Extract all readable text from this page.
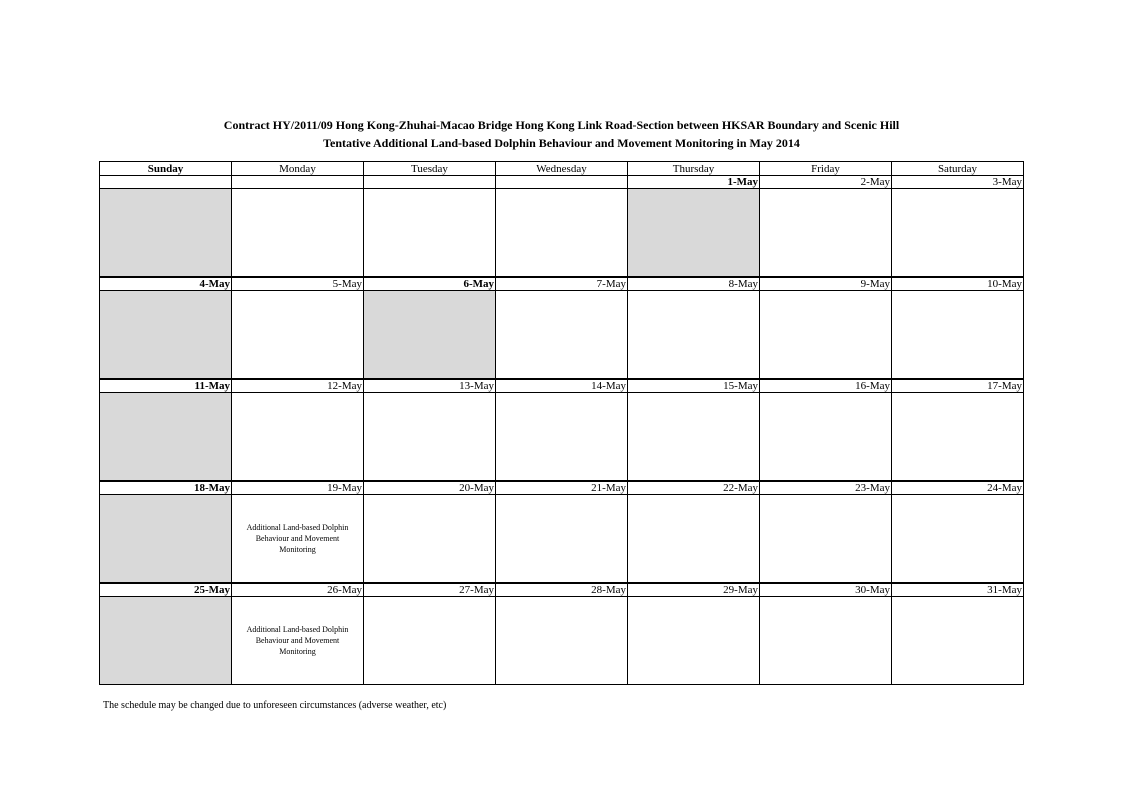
Contract HY/2011/09 Hong Kong-Zhuhai-Macao Bridge Hong Kong Link Road-Section between HKSAR Boundary and Scenic Hill
Tentative Additional Land-based Dolphin Behaviour and Movement Monitoring in May 2014
Sunday	Monday	Tuesday	Wednesday	Thursday	Friday	Saturday
				1-May	2-May	3-May

4-May	5-May	6-May	7-May	8-May	9-May	10-May

11-May	12-May	13-May	14-May	15-May	16-May	17-May

18-May	19-May	20-May	21-May	22-May	23-May	24-May

	Additional Land-based Dolphin Behaviour and Movement Monitoring					

25-May	26-May	27-May	28-May	29-May	30-May	31-May

	Additional Land-based Dolphin Behaviour and Movement Monitoring					

The schedule may be changed due to unforeseen circumstances (adverse weather, etc)
